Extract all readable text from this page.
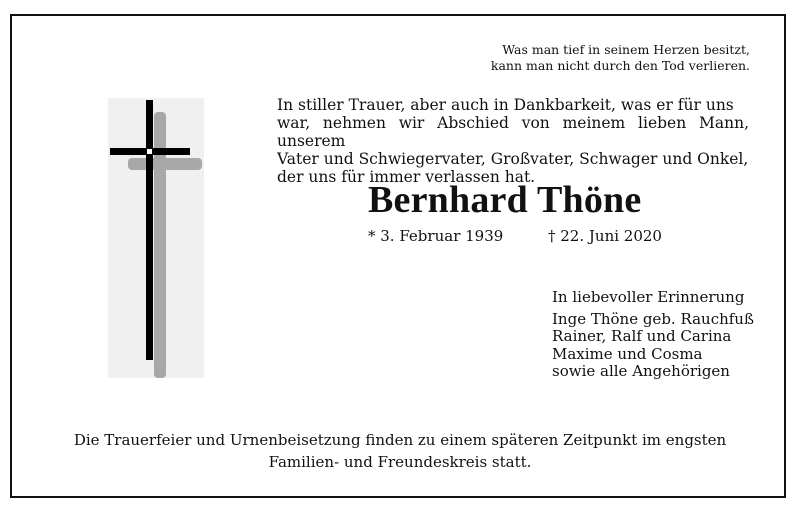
Was man tief in seinem Herzen besitzt,
kann man nicht durch den Tod verlieren.
In stiller Trauer, aber auch in Dankbarkeit, was er für uns
war, nehmen wir Abschied von meinem lieben Mann, unserem
Vater und Schwiegervater, Großvater, Schwager und Onkel,
der uns für immer verlassen hat.
Bernhard Thöne
* 3. Februar 1939	† 22. Juni 2020
In liebevoller Erinnerung
Inge Thöne geb. Rauchfuß
Rainer, Ralf und Carina
Maxime und Cosma
sowie alle Angehörigen
Die Trauerfeier und Urnenbeisetzung finden zu einem späteren Zeitpunkt im engsten
Familien- und Freundeskreis statt.
